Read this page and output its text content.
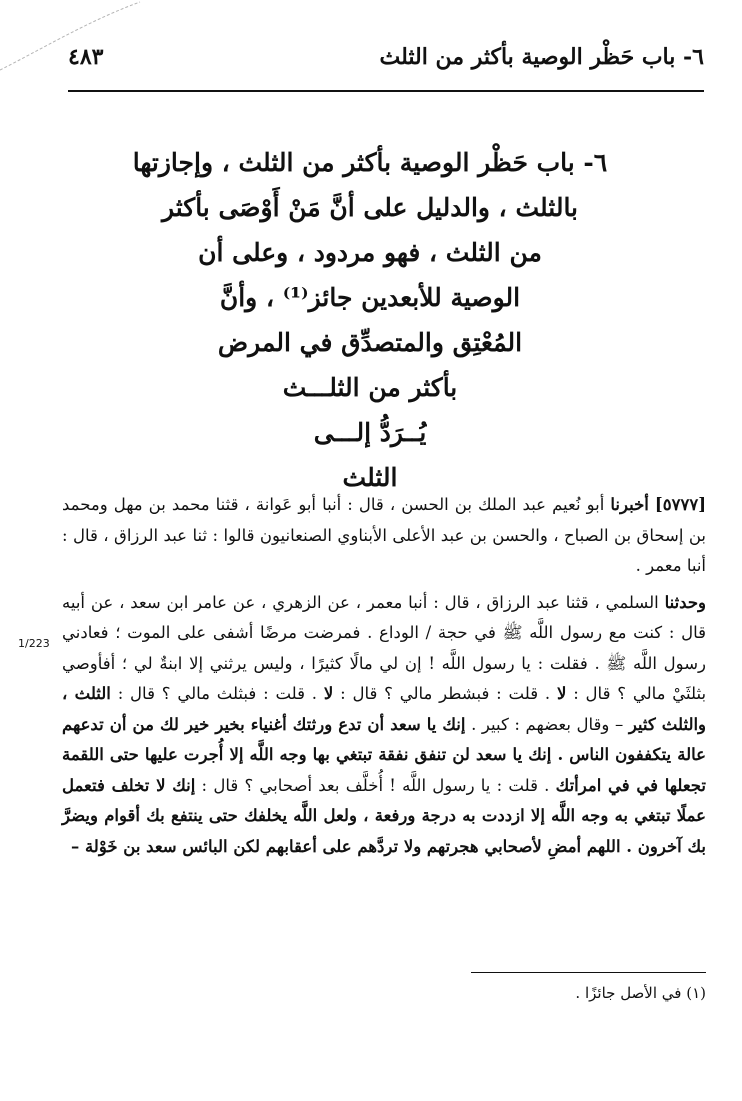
٦- باب حَظْر الوصية بأكثر من الثلث
٤٨٣
٦- باب حَظْر الوصية بأكثر من الثلث ، وإجازتها
بالثلث ، والدليل على أنَّ مَنْ أَوْصَى بأكثر
من الثلث ، فهو مردود ، وعلى أن
الوصية للأبعدين جائز⁽¹⁾ ، وأنَّ
المُعْتِق والمتصدِّق في المرض
بأكثر من الثلـــث
يُــرَدُّ إلـــى
الثلث

[٥٧٧٧] أخبرنا أبو نُعيم عبد الملك بن الحسن ، قال : أنبا أبو عَوانة ، قثنا محمد بن مهل ومحمد بن إسحاق بن الصباح ، والحسن بن عبد الأعلى الأبناوي الصنعانيون قالوا : ثنا عبد الرزاق ، قال : أنبا معمر .

وحدثنا السلمي ، قثنا عبد الرزاق ، قال : أنبا معمر ، عن الزهري ، عن عامر ابن سعد ، عن أبيه قال : كنت مع رسول اللَّه ﷺ في حجة / الوداع . فمرضت مرضًا أشفى على الموت ؛ فعادني رسول اللَّه ﷺ . فقلت : يا رسول اللَّه ! إن لي مالًا كثيرًا ، وليس يرثني إلا ابنةٌ لي ؛ أفأوصي بثلثَيْ مالي ؟ قال : لا . قلت : فبشطر مالي ؟ قال : لا . قلت : فبثلث مالي ؟ قال : الثلث ، والثلث كثير – وقال بعضهم : كبير . إنك يا سعد أن تدع ورثتك أغنياء بخير خير لك من أن تدعهم عالة يتكففون الناس . إنك يا سعد لن تنفق نفقة تبتغي بها وجه اللَّه إلا أُجرت عليها حتى اللقمة تجعلها في في امرأتك . قلت : يا رسول اللَّه ! أُخلَّف بعد أصحابي ؟ قال : إنك لا تخلف فتعمل عملًا تبتغي به وجه اللَّه إلا ازددت به درجة ورفعة ، ولعل اللَّه يخلفك حتى ينتفع بك أقوام ويضرَّ بك آخرون . اللهم أمضِ لأصحابي هجرتهم ولا تردَّهم على أعقابهم لكن البائس سعد بن خَوْلة –

1/223
(١) في الأصل جائزًا .
